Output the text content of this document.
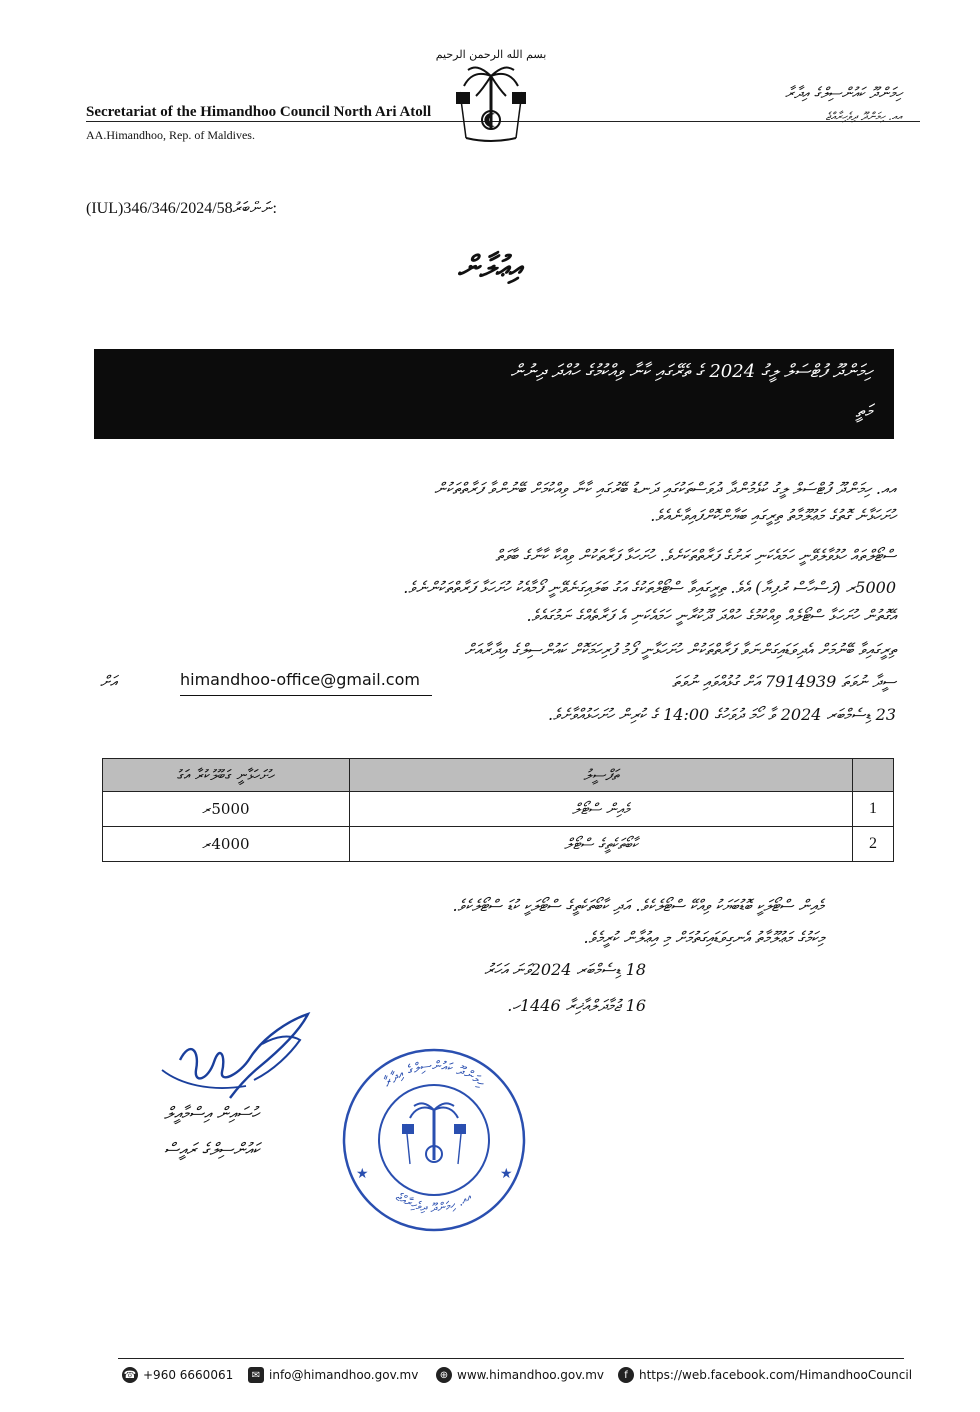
Secretariat of the Himandhoo Council North Ari Atoll
AA.Himandhoo, Rep. of Maldives.
ހިމަންދޫ ކައުންސިލްގެ އިދާރާ
އއ. ހިމަންދޫ ދިވެހިރާއްޖެ
بسم الله الرحمن الرحيم
(IUL)346/346/2024/58ނަންބަރު:
އިޢުލާން
ހިމަންދޫ ފުޓްސަލް ލީގު 2024 ގެ ތެރޭގައި ކާނާ ވިއްކުމުގެ ހުއްދަ ދިނުން
މަތީ
އއ. ހިމަންދޫ ފުޓްސަލް ލީގު ކުޅެމުންދާ ދުވަސްތަކުގައި ދަނޑު ބޭރުގައި ކާނާ ވިއްކުމަށް ބޭނުންވާ ފަރާތްތަކުން
ހުށަހަޅާނެ ގޮތުގެ މަޢުލޫމާތު ތިރީގައި ބަޔާންކޮށްފައިވާނެއެވެ.
ސްޓޯލްތައް ހުޅުވާލެވޭނީ ހަމައެކަނި ރަށުގެ ފަރާތްތަކަށެވެ. ހުށަހަޅާ ފަރާތަކުން ވިއްކާ ކާނާގެ ބާވަތް
5000ރ (ފަސްހާސް ރުފިޔާ) އެވެ. ތިރީގައިވާ ސްޓޯލްތަކުގެ އަގު ބަލައިގަނެވޭނީ ފޯމާއެކު ހުށަހަޅާ ފަރާތްތަކުންނެވެ.
އެގޮތުން ހުށަހަޅާ ސްޓޯލެއް ވިއްކުމުގެ ހުއްދަ ދޫކުރާނީ ހަމައެކަނި އެ ފަރާތެއްގެ ނަމުގައެވެ.
ތިރީގައިވާ ބޭނުމަށް އެދިވަޑައިގަންނަވާ ފަރާތްތަކުން ހުށަހަޅާނީ ފޯމު ފުރިހަމަކޮށް ކައުންސިލްގެ އިދާރާއަށް
ސީދާ ނުވަތަ 7914939 އަށް ގުޅުއްވައި ނުވަތަ
އަށް	himandhoo-office@gmail.com
23 ޑިސެމްބަރ 2024 ވާ ހޯމަ ދުވަހުގެ 14:00 ގެ ކުރިން ހުށަހަޅުއްވާށެވެ.
ހުށަހަޅާނީ ގަބޫލުކުރާ އަގު	ތަފްސީލު	
5000ރ	މެއިން ސްޓޯލް	1
4000ރ	ކާބޯތަކެތީގެ ސްޓޯލް	2
މެއިން ސްޓޯލަކީ ބޮޑުބަޔަކު ވިއްކޭ ސްޓޯލެކެވެ. އަދި ކާބޯތަކެތީގެ ސްޓޯލަކީ ކުޑަ ސްޓޯލެކެވެ.
މިކަމުގެ މަޢުލޫމާތު އެނގިވަޑައިގަތުމަށް މި އިޢުލާން ކުރީމެވެ.
18 ޑިސެމްބަރ 2024ވަނަ އަހަރު
16 ޖުމާދަލްއާޚިރާ 1446ހ.
ހުސައިން އިސްމާއީލް
ކައުންސިލްގެ ރައީސް
ހިމަންދޫ ކައުންސިލްގެ އިދާރާ
އއ. ހިމަންދޫ ދިވެހިރާއްޖެ
★	★
☎ +960 6660061	✉ info@himandhoo.gov.mv	⊕ www.himandhoo.gov.mv	f https://web.facebook.com/HimandhooCouncil
